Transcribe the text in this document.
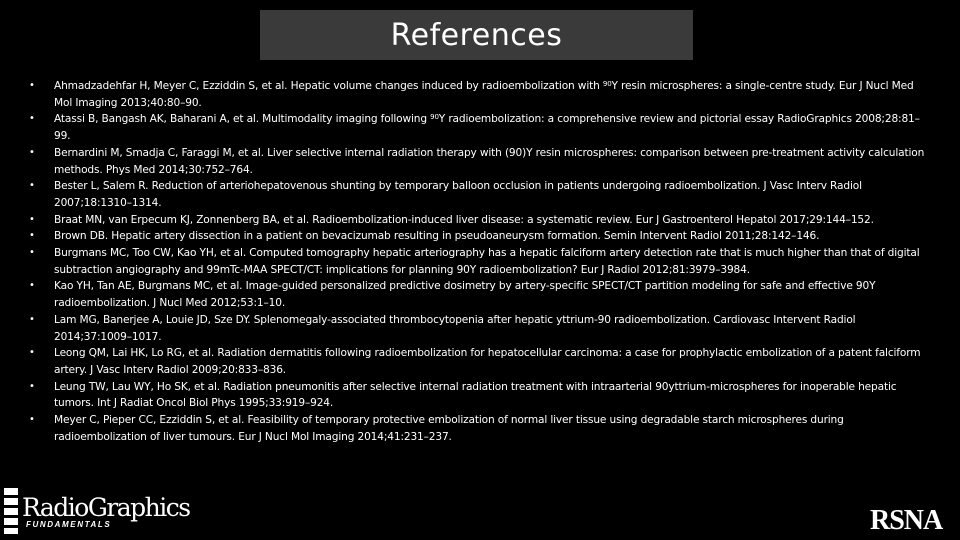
References
• Ahmadzadehfar H, Meyer C, Ezziddin S, et al. Hepatic volume changes induced by radioembolization with $^{90}$Y resin microspheres: a single-centre study. Eur J Nucl Med Mol Imaging 2013;40:80–90.
• Atassi B, Bangash AK, Baharani A, et al. Multimodality imaging following $^{90}$Y radioembolization: a comprehensive review and pictorial essay RadioGraphics 2008;28:81–99.
• Bernardini M, Smadja C, Faraggi M, et al. Liver selective internal radiation therapy with (90)Y resin microspheres: comparison between pre-treatment activity calculation methods. Phys Med 2014;30:752–764.
• Bester L, Salem R. Reduction of arteriohepatovenous shunting by temporary balloon occlusion in patients undergoing radioembolization. J Vasc Interv Radiol 2007;18:1310–1314.
• Braat MN, van Erpecum KJ, Zonnenberg BA, et al. Radioembolization-induced liver disease: a systematic review. Eur J Gastroenterol Hepatol 2017;29:144–152.
• Brown DB. Hepatic artery dissection in a patient on bevacizumab resulting in pseudoaneurysm formation. Semin Intervent Radiol 2011;28:142–146.
• Burgmans MC, Too CW, Kao YH, et al. Computed tomography hepatic arteriography has a hepatic falciform artery detection rate that is much higher than that of digital subtraction angiography and 99mTc-MAA SPECT/CT: implications for planning 90Y radioembolization? Eur J Radiol 2012;81:3979–3984.
• Kao YH, Tan AE, Burgmans MC, et al. Image-guided personalized predictive dosimetry by artery-specific SPECT/CT partition modeling for safe and effective 90Y radioembolization. J Nucl Med 2012;53:1–10.
• Lam MG, Banerjee A, Louie JD, Sze DY. Splenomegaly-associated thrombocytopenia after hepatic yttrium-90 radioembolization. Cardiovasc Intervent Radiol 2014;37:1009–1017.
• Leong QM, Lai HK, Lo RG, et al. Radiation dermatitis following radioembolization for hepatocellular carcinoma: a case for prophylactic embolization of a patent falciform artery. J Vasc Interv Radiol 2009;20:833–836.
• Leung TW, Lau WY, Ho SK, et al. Radiation pneumonitis after selective internal radiation treatment with intraarterial 90yttrium-microspheres for inoperable hepatic tumors. Int J Radiat Oncol Biol Phys 1995;33:919–924.
• Meyer C, Pieper CC, Ezziddin S, et al. Feasibility of temporary protective embolization of normal liver tissue using degradable starch microspheres during radioembolization of liver tumours. Eur J Nucl Mol Imaging 2014;41:231–237.
RadioGraphics
FUNDAMENTALS	RSNA
